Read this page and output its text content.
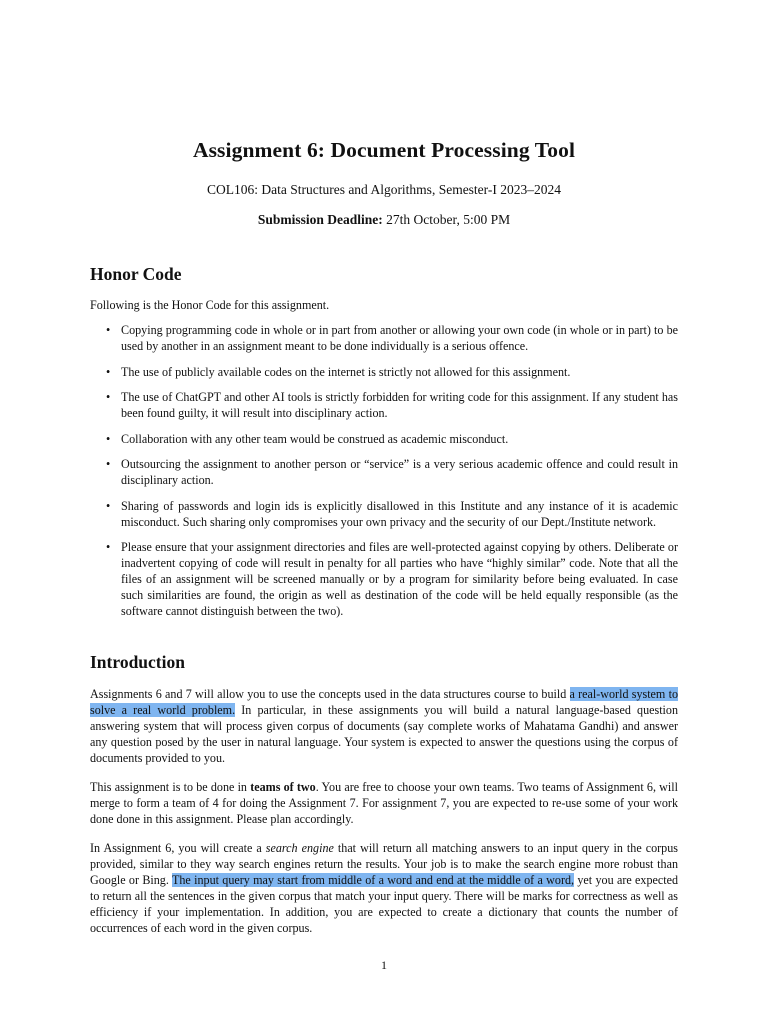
Assignment 6: Document Processing Tool
COL106: Data Structures and Algorithms, Semester-I 2023–2024
Submission Deadline: 27th October, 5:00 PM
Honor Code

Following is the Honor Code for this assignment.

• Copying programming code in whole or in part from another or allowing your own code (in whole or in part) to be used by another in an assignment meant to be done individually is a serious offence.
• The use of publicly available codes on the internet is strictly not allowed for this assignment.
• The use of ChatGPT and other AI tools is strictly forbidden for writing code for this assignment. If any student has been found guilty, it will result into disciplinary action.
• Collaboration with any other team would be construed as academic misconduct.
• Outsourcing the assignment to another person or “service” is a very serious academic offence and could result in disciplinary action.
• Sharing of passwords and login ids is explicitly disallowed in this Institute and any instance of it is academic misconduct. Such sharing only compromises your own privacy and the security of our Dept./Institute network.
• Please ensure that your assignment directories and files are well-protected against copying by others. Deliberate or inadvertent copying of code will result in penalty for all parties who have “highly similar” code. Note that all the files of an assignment will be screened manually or by a program for similarity before being evaluated. In case such similarities are found, the origin as well as destination of the code will be held equally responsible (as the software cannot distinguish between the two).
Introduction

Assignments 6 and 7 will allow you to use the concepts used in the data structures course to build a real-world system to solve a real world problem. In particular, in these assignments you will build a natural language-based question answering system that will process given corpus of documents (say complete works of Mahatama Gandhi) and answer any question posed by the user in natural language. Your system is expected to answer the questions using the corpus of documents provided to you.

This assignment is to be done in teams of two. You are free to choose your own teams. Two teams of Assignment 6, will merge to form a team of 4 for doing the Assignment 7. For assignment 7, you are expected to re-use some of your work done done in this assignment. Please plan accordingly.

In Assignment 6, you will create a search engine that will return all matching answers to an input query in the corpus provided, similar to they way search engines return the results. Your job is to make the search engine more robust than Google or Bing. The input query may start from middle of a word and end at the middle of a word, yet you are expected to return all the sentences in the given corpus that match your input query. There will be marks for correctness as well as efficiency if your implementation. In addition, you are expected to create a dictionary that counts the number of occurrences of each word in the given corpus.

1
